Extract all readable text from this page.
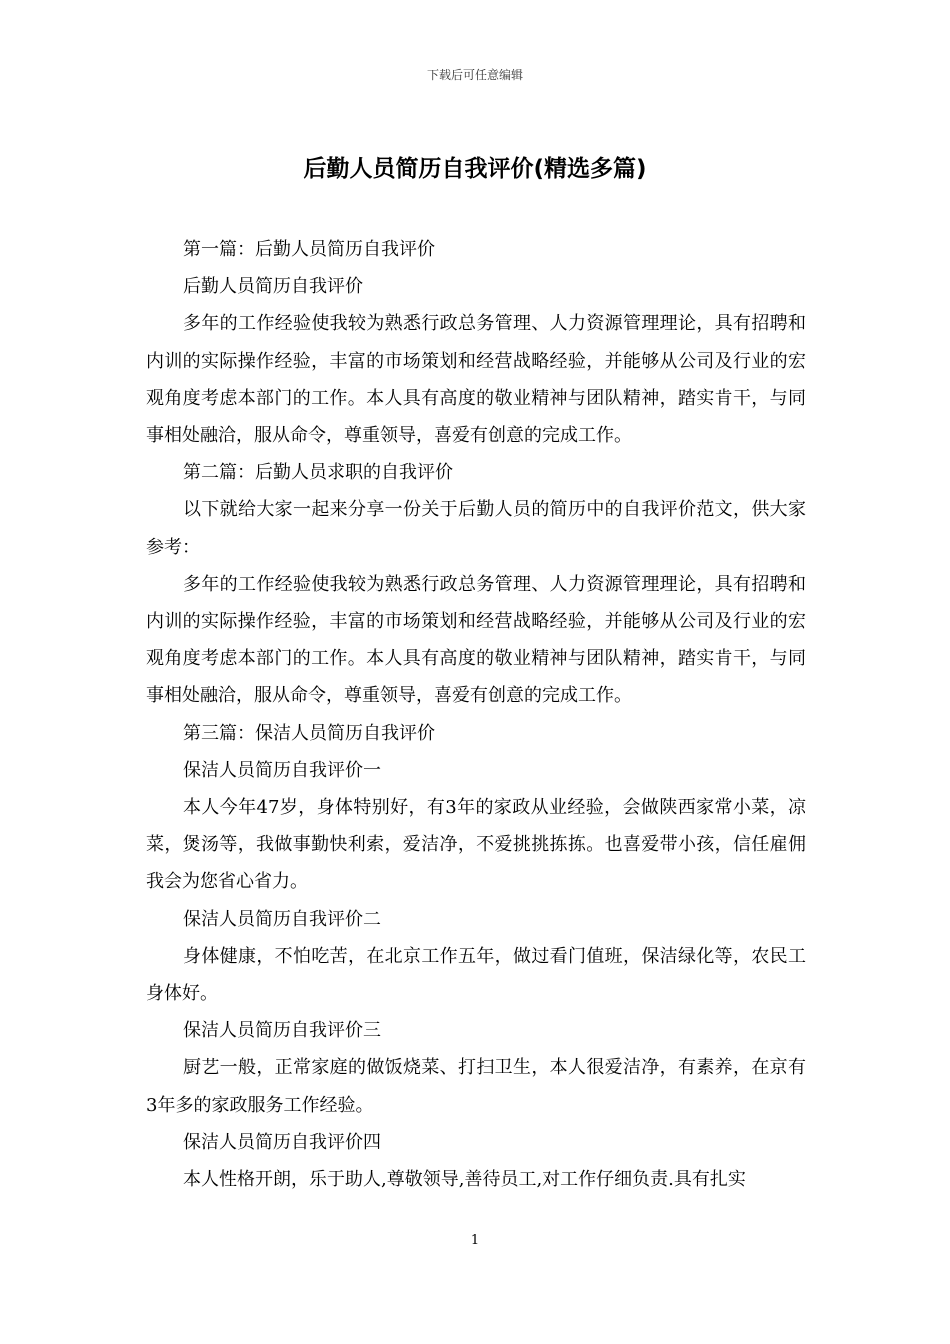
下载后可任意编辑
后勤人员简历自我评价(精选多篇)

第一篇：后勤人员简历自我评价

后勤人员简历自我评价

多年的工作经验使我较为熟悉行政总务管理、人力资源管理理论，具有招聘和内训的实际操作经验，丰富的市场策划和经营战略经验，并能够从公司及行业的宏观角度考虑本部门的工作。本人具有高度的敬业精神与团队精神，踏实肯干，与同事相处融洽，服从命令，尊重领导，喜爱有创意的完成工作。

第二篇：后勤人员求职的自我评价

以下就给大家一起来分享一份关于后勤人员的简历中的自我评价范文，供大家参考：

多年的工作经验使我较为熟悉行政总务管理、人力资源管理理论，具有招聘和内训的实际操作经验，丰富的市场策划和经营战略经验，并能够从公司及行业的宏观角度考虑本部门的工作。本人具有高度的敬业精神与团队精神，踏实肯干，与同事相处融洽，服从命令，尊重领导，喜爱有创意的完成工作。

第三篇：保洁人员简历自我评价

保洁人员简历自我评价一

本人今年47岁，身体特别好，有3年的家政从业经验，会做陕西家常小菜，凉菜，煲汤等，我做事勤快利索，爱洁净，不爱挑挑拣拣。也喜爱带小孩，信任雇佣我会为您省心省力。

保洁人员简历自我评价二

身体健康，不怕吃苦，在北京工作五年，做过看门值班，保洁绿化等，农民工身体好。

保洁人员简历自我评价三

厨艺一般，正常家庭的做饭烧菜、打扫卫生，本人很爱洁净，有素养，在京有3年多的家政服务工作经验。

保洁人员简历自我评价四

本人性格开朗，乐于助人,尊敬领导,善待员工,对工作仔细负责.具有扎实

1
